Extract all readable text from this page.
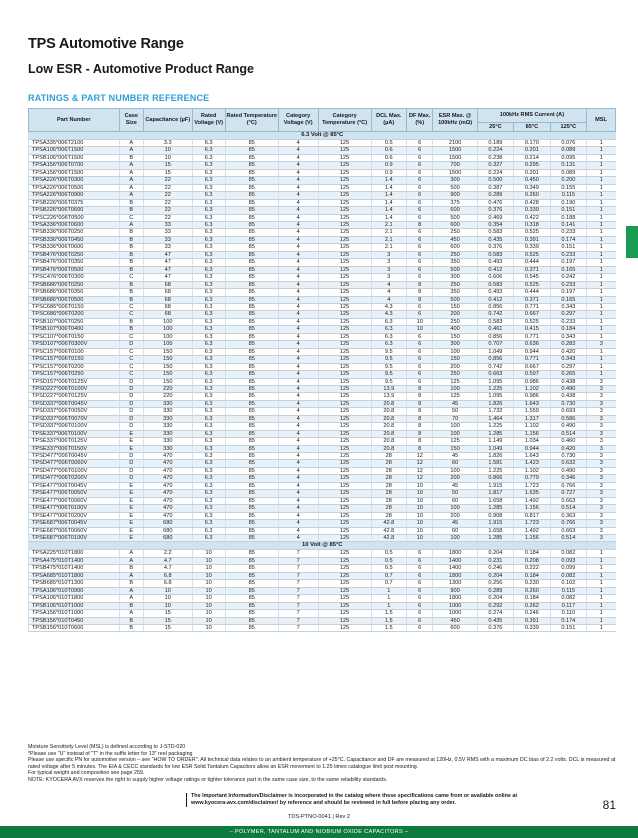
TPS Automotive Range
Low ESR - Automotive Product Range
RATINGS & PART NUMBER REFERENCE
Part Number	Case Size	Capacitance (µF)	Rated Voltage (V)	Rated Temperature (°C)	Category Voltage (V)	Category Temperature (°C)	DCL Max. (µA)	DF Max. (%)	ESR Max. @ 100kHz (mΩ)	100kHz RMS Current (A)			MSL
										25°C	85°C	125°C	
6.3 Volt @ 85°C													
TPSA335*006T2100	A	3.3	6.3	85	4	125	0.5	6	2100	0.189	0.170	0.076	1
TPSA106*006T1500	A	10	6.3	85	4	125	0.6	6	1500	0.224	0.201	0.089	1
TPSB106*006T1500	B	10	6.3	85	4	125	0.6	6	1500	0.238	0.214	0.095	1
TPSA156*006T0700	A	15	6.3	85	4	125	0.9	6	700	0.327	0.295	0.131	1
TPSA156*006T1500	A	15	6.3	85	4	125	0.9	6	1500	0.224	0.201	0.089	1
TPSA226*006T0300	A	22	6.3	85	4	125	1.4	6	300	0.500	0.450	0.200	1
TPSA226*006T0500	A	22	6.3	85	4	125	1.4	6	500	0.387	0.349	0.155	1
TPSA226*006T0900	A	22	6.3	85	4	125	1.4	6	900	0.289	0.260	0.115	1
TPSB226*006T0375	B	22	6.3	85	4	125	1.4	6	375	0.476	0.428	0.190	1
TPSB226*006T0600	B	22	6.3	85	4	125	1.4	6	600	0.376	0.339	0.151	1
TPSC226*006T0500	C	22	6.3	85	4	125	1.4	6	500	0.469	0.422	0.188	1
TPSA336*006T0600	A	33	6.3	85	4	125	2.1	8	600	0.354	0.318	0.141	1
TPSB336*006T0250	B	33	6.3	85	4	125	2.1	6	250	0.583	0.525	0.233	1
TPSB336*006T0450	B	33	6.3	85	4	125	2.1	6	450	0.435	0.391	0.174	1
TPSB336*006T0600	B	33	6.3	85	4	125	2.1	6	600	0.376	0.339	0.151	1
TPSB476*006T0250	B	47	6.3	85	4	125	3	6	250	0.583	0.525	0.233	1
TPSB476*006T0350	B	47	6.3	85	4	125	3	6	350	0.493	0.444	0.197	1
TPSB476*006T0500	B	47	6.3	85	4	125	3	6	500	0.412	0.371	0.165	1
TPSC476*006T0300	C	47	6.3	85	4	125	3	6	300	0.606	0.545	0.242	1
TPSB686*006T0250	B	68	6.3	85	4	125	4	8	250	0.583	0.525	0.233	1
TPSB686*006T0350	B	68	6.3	85	4	125	4	8	350	0.493	0.444	0.197	1
TPSB686*006T0500	B	68	6.3	85	4	125	4	8	500	0.412	0.371	0.165	1
TPSC686*006T0150	C	68	6.3	85	4	125	4.3	6	150	0.856	0.771	0.343	1
TPSC686*006T0200	C	68	6.3	85	4	125	4.3	6	200	0.742	0.667	0.297	1
TPSB107*006T0250	B	100	6.3	85	4	125	6.3	10	250	0.583	0.525	0.233	1
TPSB107*006T0400	B	100	6.3	85	4	125	6.3	10	400	0.461	0.415	0.184	1
TPSC107*006T0150	C	100	6.3	85	4	125	6.3	6	150	0.856	0.771	0.343	1
TPSD107*006T0300V	D	100	6.3	85	4	125	6.3	6	300	0.707	0.636	0.283	3
TPSC157*006T0100	C	150	6.3	85	4	125	9.5	6	100	1.049	0.944	0.420	1
TPSC157*006T0150	C	150	6.3	85	4	125	9.5	6	150	0.856	0.771	0.343	1
TPSC157*006T0200	C	150	6.3	85	4	125	9.5	6	200	0.742	0.667	0.297	1
TPSC157*006T0250	C	150	6.3	85	4	125	9.5	6	250	0.663	0.597	0.265	1
TPSD157*006T0125V	D	150	6.3	85	4	125	9.5	6	125	1.095	0.986	0.438	3
TPSD227*006T0100V	D	220	6.3	85	4	125	13.9	8	100	1.225	1.102	0.490	3
TPSD227*006T0125V	D	220	6.3	85	4	125	13.9	8	125	1.095	0.986	0.438	3
TPSD337*006T0045V	D	330	6.3	85	4	125	20.8	8	45	1.826	1.643	0.730	3
TPSD337*006T0050V	D	330	6.3	85	4	125	20.8	8	50	1.732	1.559	0.693	3
TPSD337*006T0070V	D	330	6.3	85	4	125	20.8	8	70	1.464	1.317	0.586	3
TPSD337*006T0100V	D	330	6.3	85	4	125	20.8	8	100	1.225	1.102	0.490	3
TPSE337*006T0100V	E	330	6.3	85	4	125	20.8	8	100	1.285	1.156	0.514	3
TPSE337*006T0125V	E	330	6.3	85	4	125	20.8	8	125	1.149	1.034	0.460	3
TPSE337*006T0150V	E	330	6.3	85	4	125	20.8	8	150	1.049	0.944	0.420	3
TPSD477*006T0045V	D	470	6.3	85	4	125	28	12	45	1.826	1.643	0.730	3
TPSD477*006T0060V	D	470	6.3	85	4	125	28	12	60	1.581	1.423	0.632	3
TPSD477*006T0100V	D	470	6.3	85	4	125	28	12	100	1.225	1.102	0.490	3
TPSD477*006T0200V	D	470	6.3	85	4	125	28	12	200	0.866	0.779	0.346	3
TPSE477*006T0045V	E	470	6.3	85	4	125	28	10	45	1.915	1.723	0.766	3
TPSE477*006T0050V	E	470	6.3	85	4	125	28	10	50	1.817	1.635	0.727	3
TPSE477*006T0060V	E	470	6.3	85	4	125	28	10	60	1.658	1.492	0.663	3
TPSE477*006T0100V	E	470	6.3	85	4	125	28	10	100	1.285	1.156	0.514	3
TPSE477*006T0200V	E	470	6.3	85	4	125	28	10	200	0.908	0.817	0.363	3
TPSE687*006T0045V	E	680	6.3	85	4	125	42.8	10	45	1.915	1.723	0.766	3
TPSE687*006T0060V	E	680	6.3	85	4	125	42.8	10	60	1.658	1.492	0.663	3
TPSE687*006T0100V	E	680	6.3	85	4	125	42.8	10	100	1.285	1.156	0.514	3
10 Volt @ 85°C													
TPSA225*010T1800	A	2.2	10	85	7	125	0.5	6	1800	0.204	0.184	0.082	1
TPSA475*010T1400	A	4.7	10	85	7	125	0.5	6	1400	0.231	0.208	0.093	1
TPSB475*010T1400	B	4.7	10	85	7	125	0.5	6	1400	0.246	0.222	0.099	1
TPSA685*010T1800	A	6.8	10	85	7	125	0.7	6	1800	0.204	0.184	0.082	1
TPSB685*010T1300	B	6.8	10	85	7	125	0.7	6	1300	0.256	0.230	0.102	1
TPSA106*010T0900	A	10	10	85	7	125	1	6	900	0.289	0.260	0.115	1
TPSA106*010T1800	A	10	10	85	7	125	1	6	1800	0.204	0.184	0.082	1
TPSB106*010T1000	B	10	10	85	7	125	1	6	1000	0.292	0.262	0.117	1
TPSA156*010T1000	A	15	10	85	7	125	1.5	6	1000	0.274	0.246	0.110	1
TPSB156*010T0450	B	15	10	85	7	125	1.5	6	450	0.435	0.391	0.174	1
TPSB156*010T0600	B	15	10	85	7	125	1.5	6	600	0.376	0.339	0.151	1

Moisture Sensitivity Level (MSL) is defined according to J-STD-020

*Please use "U" instead of "T" in the suffix letter for 13" reel packaging

Please use specific PN for automotive version – see "HOW TO ORDER". All technical data relates to an ambient temperature of +25°C. Capacitance and DF are measured at 120Hz, 0.5V RMS with a maximum DC bias of 2.2 volts. DCL is measured at rated voltage after 5 minutes. The EIA & CECC standards for low ESR Solid Tantalum Capacitors allow an ESR movement to 1.25 times catalogue limit post mounting.

For typical weight and composition see page 259.

NOTE: KYOCERA AVX reserves the right to supply higher voltage ratings or tighter tolerance part in the same case size, to the same reliability standards.

The Important Information/Disclaimer is incorporated in the catalog where these specifications came from or available online at www.kyocera-avx.com/disclaimer/ by reference and should be reviewed in full before placing any order.	81
TDS-PTNO-0041 | Rev 2
– POLYMER, TANTALUM AND NIOBIUM OXIDE CAPACITORS –
